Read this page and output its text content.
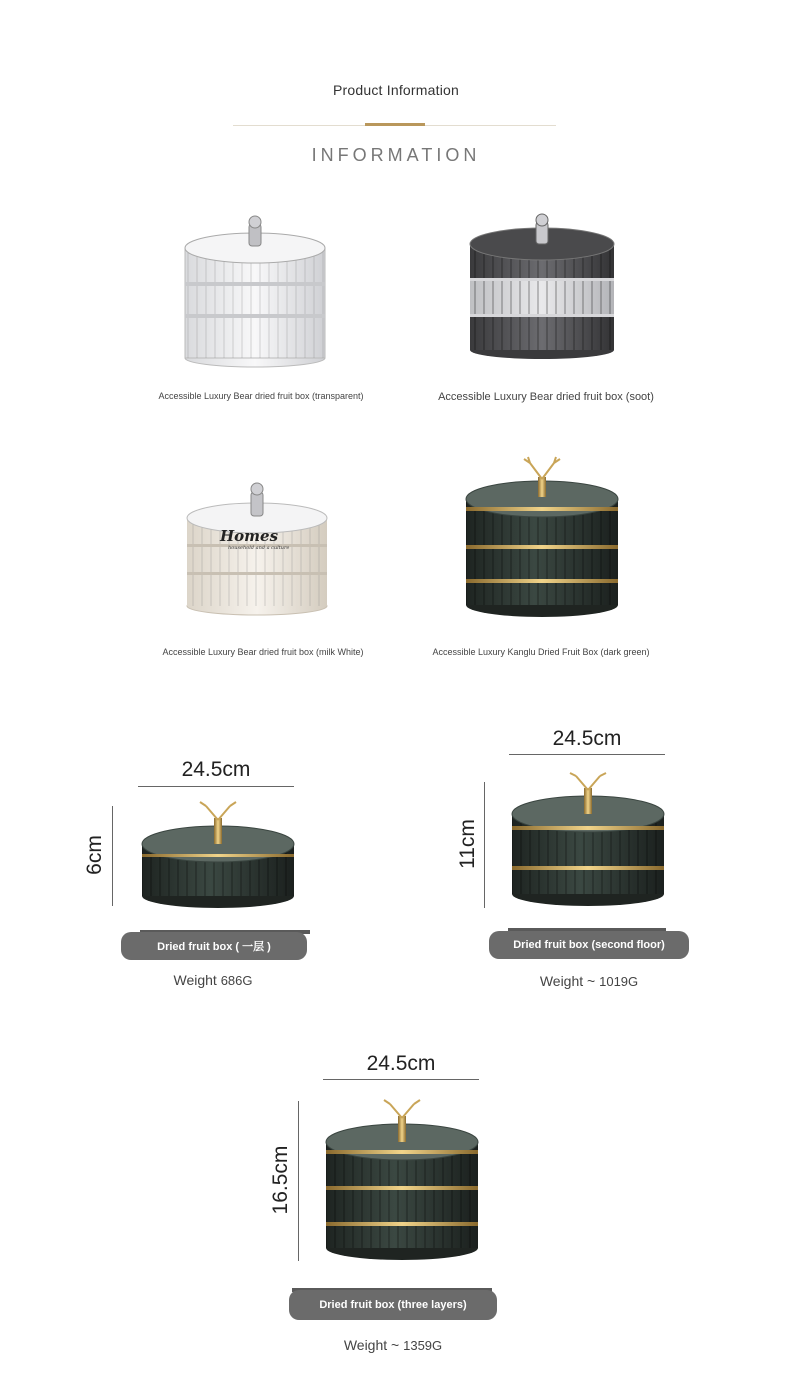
Product Information
INFORMATION
Accessible Luxury Bear dried fruit box (transparent)	Accessible Luxury Bear dried fruit box (soot)
Homes
household and a culture
Accessible Luxury Bear dried fruit box (milk White)	Accessible Luxury Kanglu Dried Fruit Box (dark green)
24.5cm
6cm
Dried fruit box ( 一层 )
Weight 686G
24.5cm
11cm
Dried fruit box (second floor)
Weight ~ 1019G
24.5cm
16.5cm
Dried fruit box (three layers)
Weight ~ 1359G
